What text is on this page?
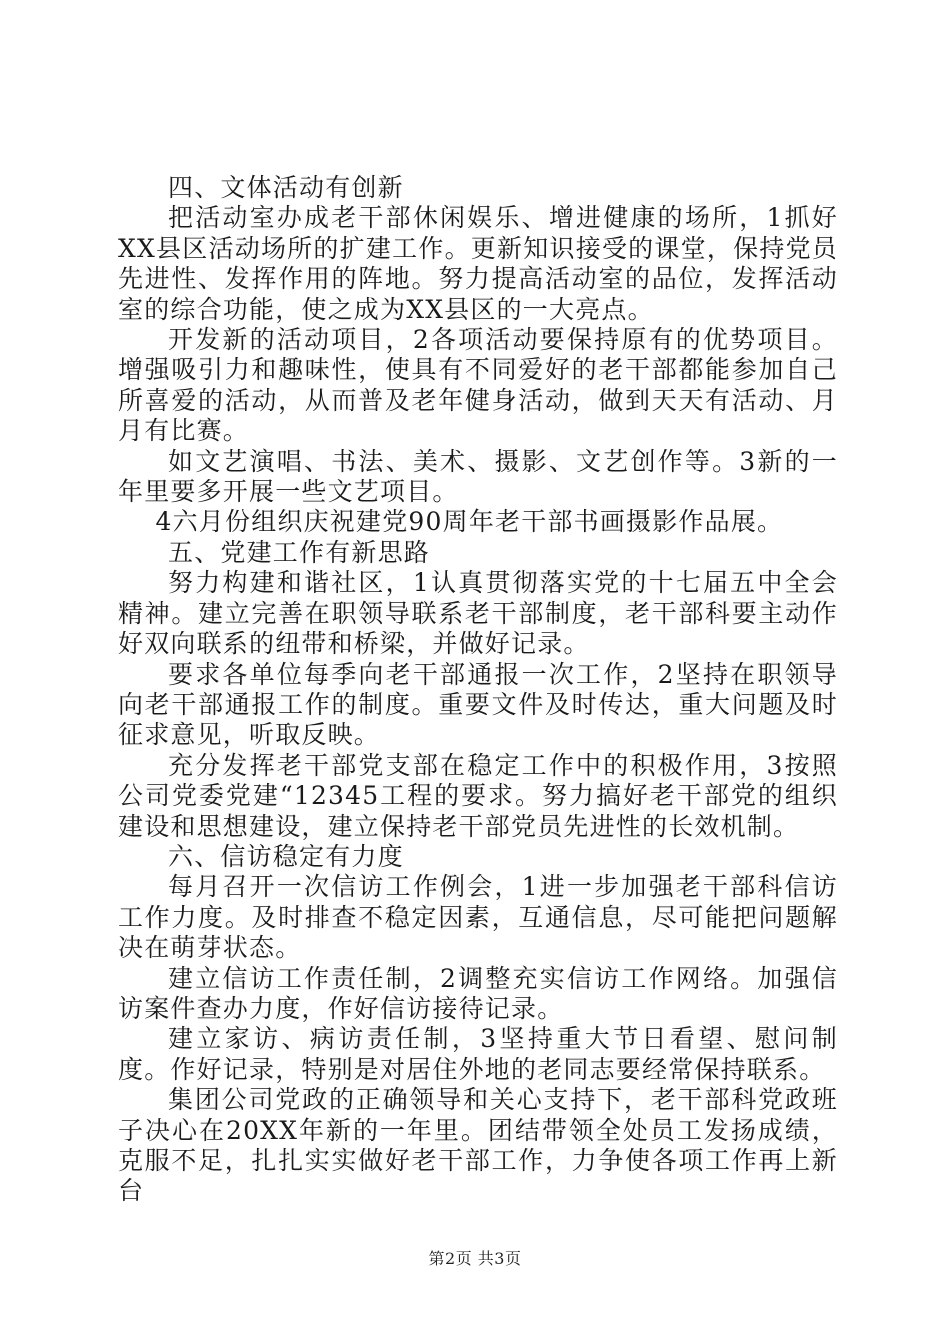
四、文体活动有创新

把活动室办成老干部休闲娱乐、增进健康的场所，1抓好XX县区活动场所的扩建工作。更新知识接受的课堂，保持党员先进性、发挥作用的阵地。努力提高活动室的品位，发挥活动室的综合功能，使之成为XX县区的一大亮点。

开发新的活动项目，2各项活动要保持原有的优势项目。增强吸引力和趣味性，使具有不同爱好的老干部都能参加自己所喜爱的活动，从而普及老年健身活动，做到天天有活动、月月有比赛。

如文艺演唱、书法、美术、摄影、文艺创作等。3新的一年里要多开展一些文艺项目。

4六月份组织庆祝建党90周年老干部书画摄影作品展。

五、党建工作有新思路

努力构建和谐社区，1认真贯彻落实党的十七届五中全会精神。建立完善在职领导联系老干部制度，老干部科要主动作好双向联系的纽带和桥梁，并做好记录。

要求各单位每季向老干部通报一次工作，2坚持在职领导向老干部通报工作的制度。重要文件及时传达，重大问题及时征求意见，听取反映。

充分发挥老干部党支部在稳定工作中的积极作用，3按照公司党委党建“12345工程的要求。努力搞好老干部党的组织建设和思想建设，建立保持老干部党员先进性的长效机制。

六、信访稳定有力度

每月召开一次信访工作例会，1进一步加强老干部科信访工作力度。及时排查不稳定因素，互通信息，尽可能把问题解决在萌芽状态。

建立信访工作责任制，2调整充实信访工作网络。加强信访案件查办力度，作好信访接待记录。

建立家访、病访责任制，3坚持重大节日看望、慰问制度。作好记录，特别是对居住外地的老同志要经常保持联系。

集团公司党政的正确领导和关心支持下，老干部科党政班子决心在20XX年新的一年里。团结带领全处员工发扬成绩，克服不足，扎扎实实做好老干部工作，力争使各项工作再上新台

第2页 共3页
